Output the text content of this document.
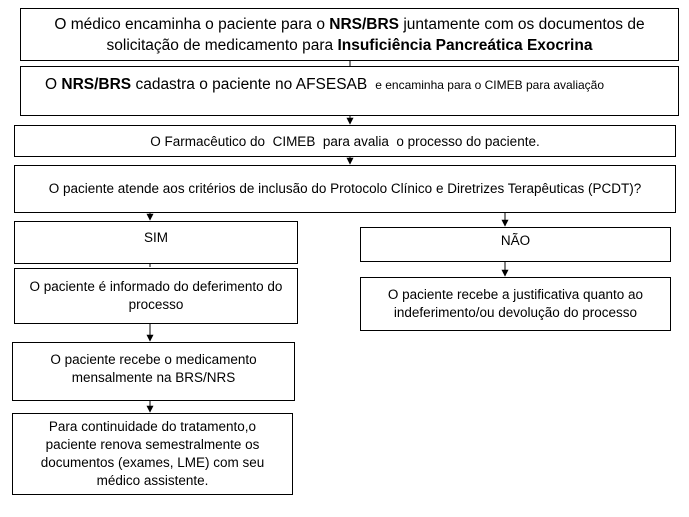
O médico encaminha o paciente para o NRS/BRS juntamente com os documentos de solicitação de medicamento para Insuficiência Pancreática Exocrina
O NRS/BRS cadastra o paciente no AFSESAB e encaminha para o CIMEB para avaliação
O Farmacêutico do  CIMEB  para avalia  o processo do paciente.
O paciente atende aos critérios de inclusão do Protocolo Clínico e Diretrizes Terapêuticas (PCDT)?
SIM	NÃO
O paciente é informado do deferimento do processo
O paciente recebe a justificativa quanto ao indeferimento/ou devolução do processo
O paciente recebe o medicamento mensalmente na BRS/NRS
Para continuidade do tratamento,o paciente renova semestralmente os documentos (exames, LME) com seu médico assistente.
